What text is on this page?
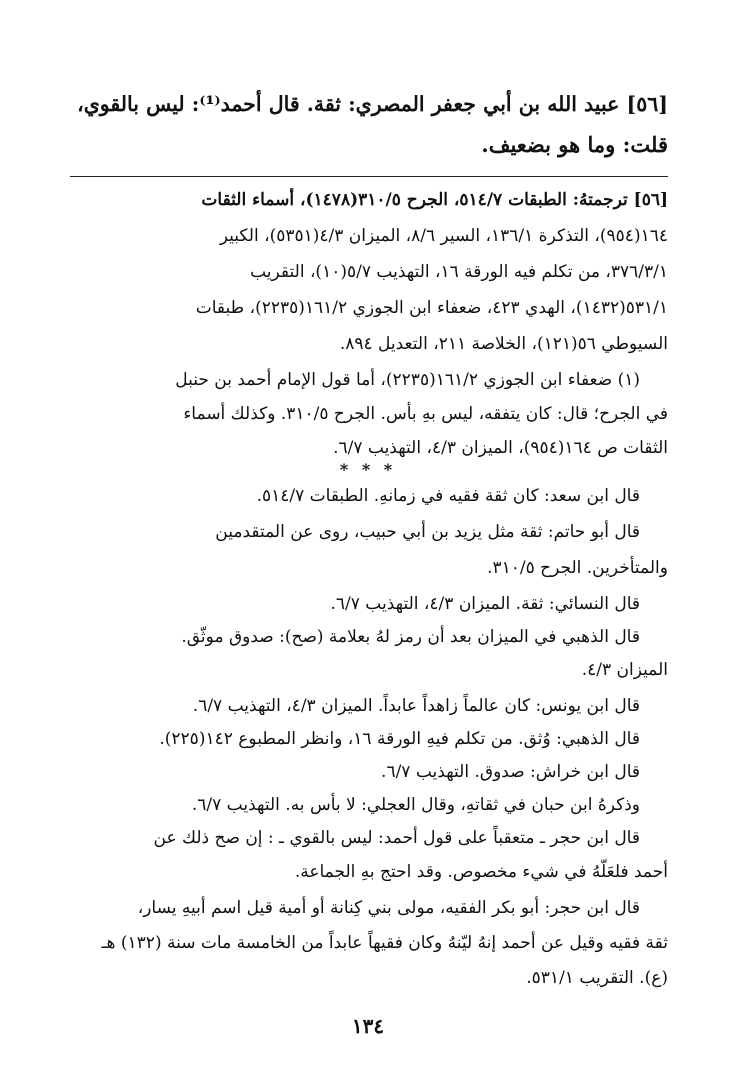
[٥٦] عبيد الله بن أبي جعفر المصري: ثقة. قال أحمد⁽¹⁾: ليس بالقوي،
قلت: وما هو بضعيف.
[٥٦] ترجمتهُ: الطبقات ٥١٤/٧، الجرح ٣١٠/٥(١٤٧٨)، أسماء الثقات
١٦٤(٩٥٤)، التذكرة ١٣٦/١، السير ٨/٦، الميزان ٤/٣(٥٣٥١)، الكبير
٣٧٦/٣/١، من تكلم فيه الورقة ١٦، التهذيب ٥/٧(١٠)، التقريب
٥٣١/١(١٤٣٢)، الهدي ٤٢٣، ضعفاء ابن الجوزي ١٦١/٢(٢٢٣٥)، طبقات
السيوطي ٥٦(١٢١)، الخلاصة ٢١١، التعديل ٨٩٤.
(١) ضعفاء ابن الجوزي ١٦١/٢(٢٢٣٥)، أما قول الإمام أحمد بن حنبل
في الجرح؛ قال: كان يتفقه، ليس بهِ بأس. الجرح ٣١٠/٥. وكذلك أسماء
الثقات ص ١٦٤(٩٥٤)، الميزان ٤/٣، التهذيب ٦/٧.
* * *
قال ابن سعد: كان ثقة فقيه في زمانهِ. الطبقات ٥١٤/٧.
قال أبو حاتم: ثقة مثل يزيد بن أبي حبيب، روى عن المتقدمين
والمتأخرين. الجرح ٣١٠/٥.
قال النسائي: ثقة. الميزان ٤/٣، التهذيب ٦/٧.
قال الذهبي في الميزان بعد أن رمز لهُ بعلامة (صح): صدوق موثّق.
الميزان ٤/٣.
قال ابن يونس: كان عالماً زاهداً عابداً. الميزان ٤/٣، التهذيب ٦/٧.
قال الذهبي: وُثق. من تكلم فيهِ الورقة ١٦، وانظر المطبوع ١٤٢(٢٢٥).
قال ابن خراش: صدوق. التهذيب ٦/٧.
وذكرهُ ابن حبان في ثقاتهِ، وقال العجلي: لا بأس به. التهذيب ٦/٧.
قال ابن حجر ـ متعقباً على قول أحمد: ليس بالقوي ـ : إن صح ذلك عن
أحمد فلعَلّهُ في شيء مخصوص. وقد احتج بهِ الجماعة.
قال ابن حجر: أبو بكر الفقيه، مولى بني كِنانة أو أمية قيل اسم أبيهِ يسار،
ثقة فقيه وقيل عن أحمد إنهُ ليّنهُ وكان فقيهاً عابداً من الخامسة مات سنة (١٣٢) هـ
(ع). التقريب ٥٣١/١.
١٣٤
